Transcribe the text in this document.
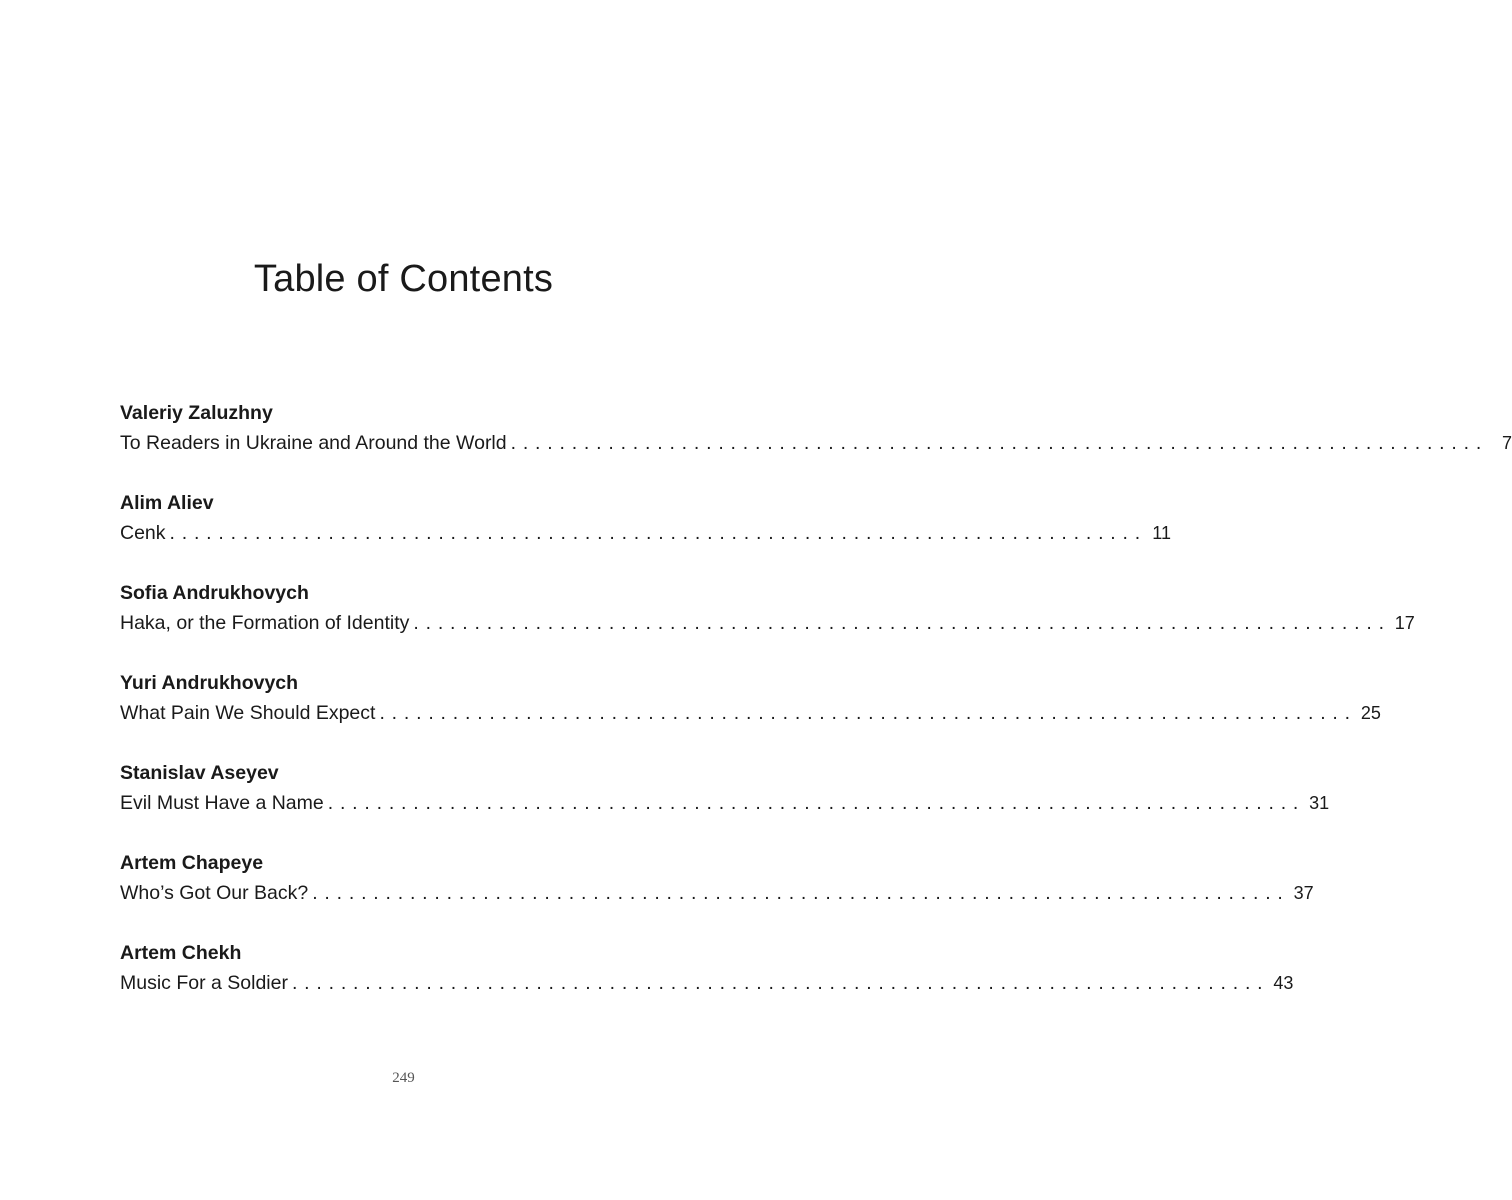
Table of Contents
Valeriy Zaluzhny
To Readers in Ukraine and Around the World ................................................................................ 7
Alim Aliev
Cenk ................................................................................ 11
Sofia Andrukhovych
Haka, or the Formation of Identity ................................................................................ 17
Yuri Andrukhovych
What Pain We Should Expect ................................................................................ 25
Stanislav Aseyev
Evil Must Have a Name ................................................................................ 31
Artem Chapeye
Who’s Got Our Back? ................................................................................ 37
Artem Chekh
Music For a Soldier ................................................................................ 43
249
